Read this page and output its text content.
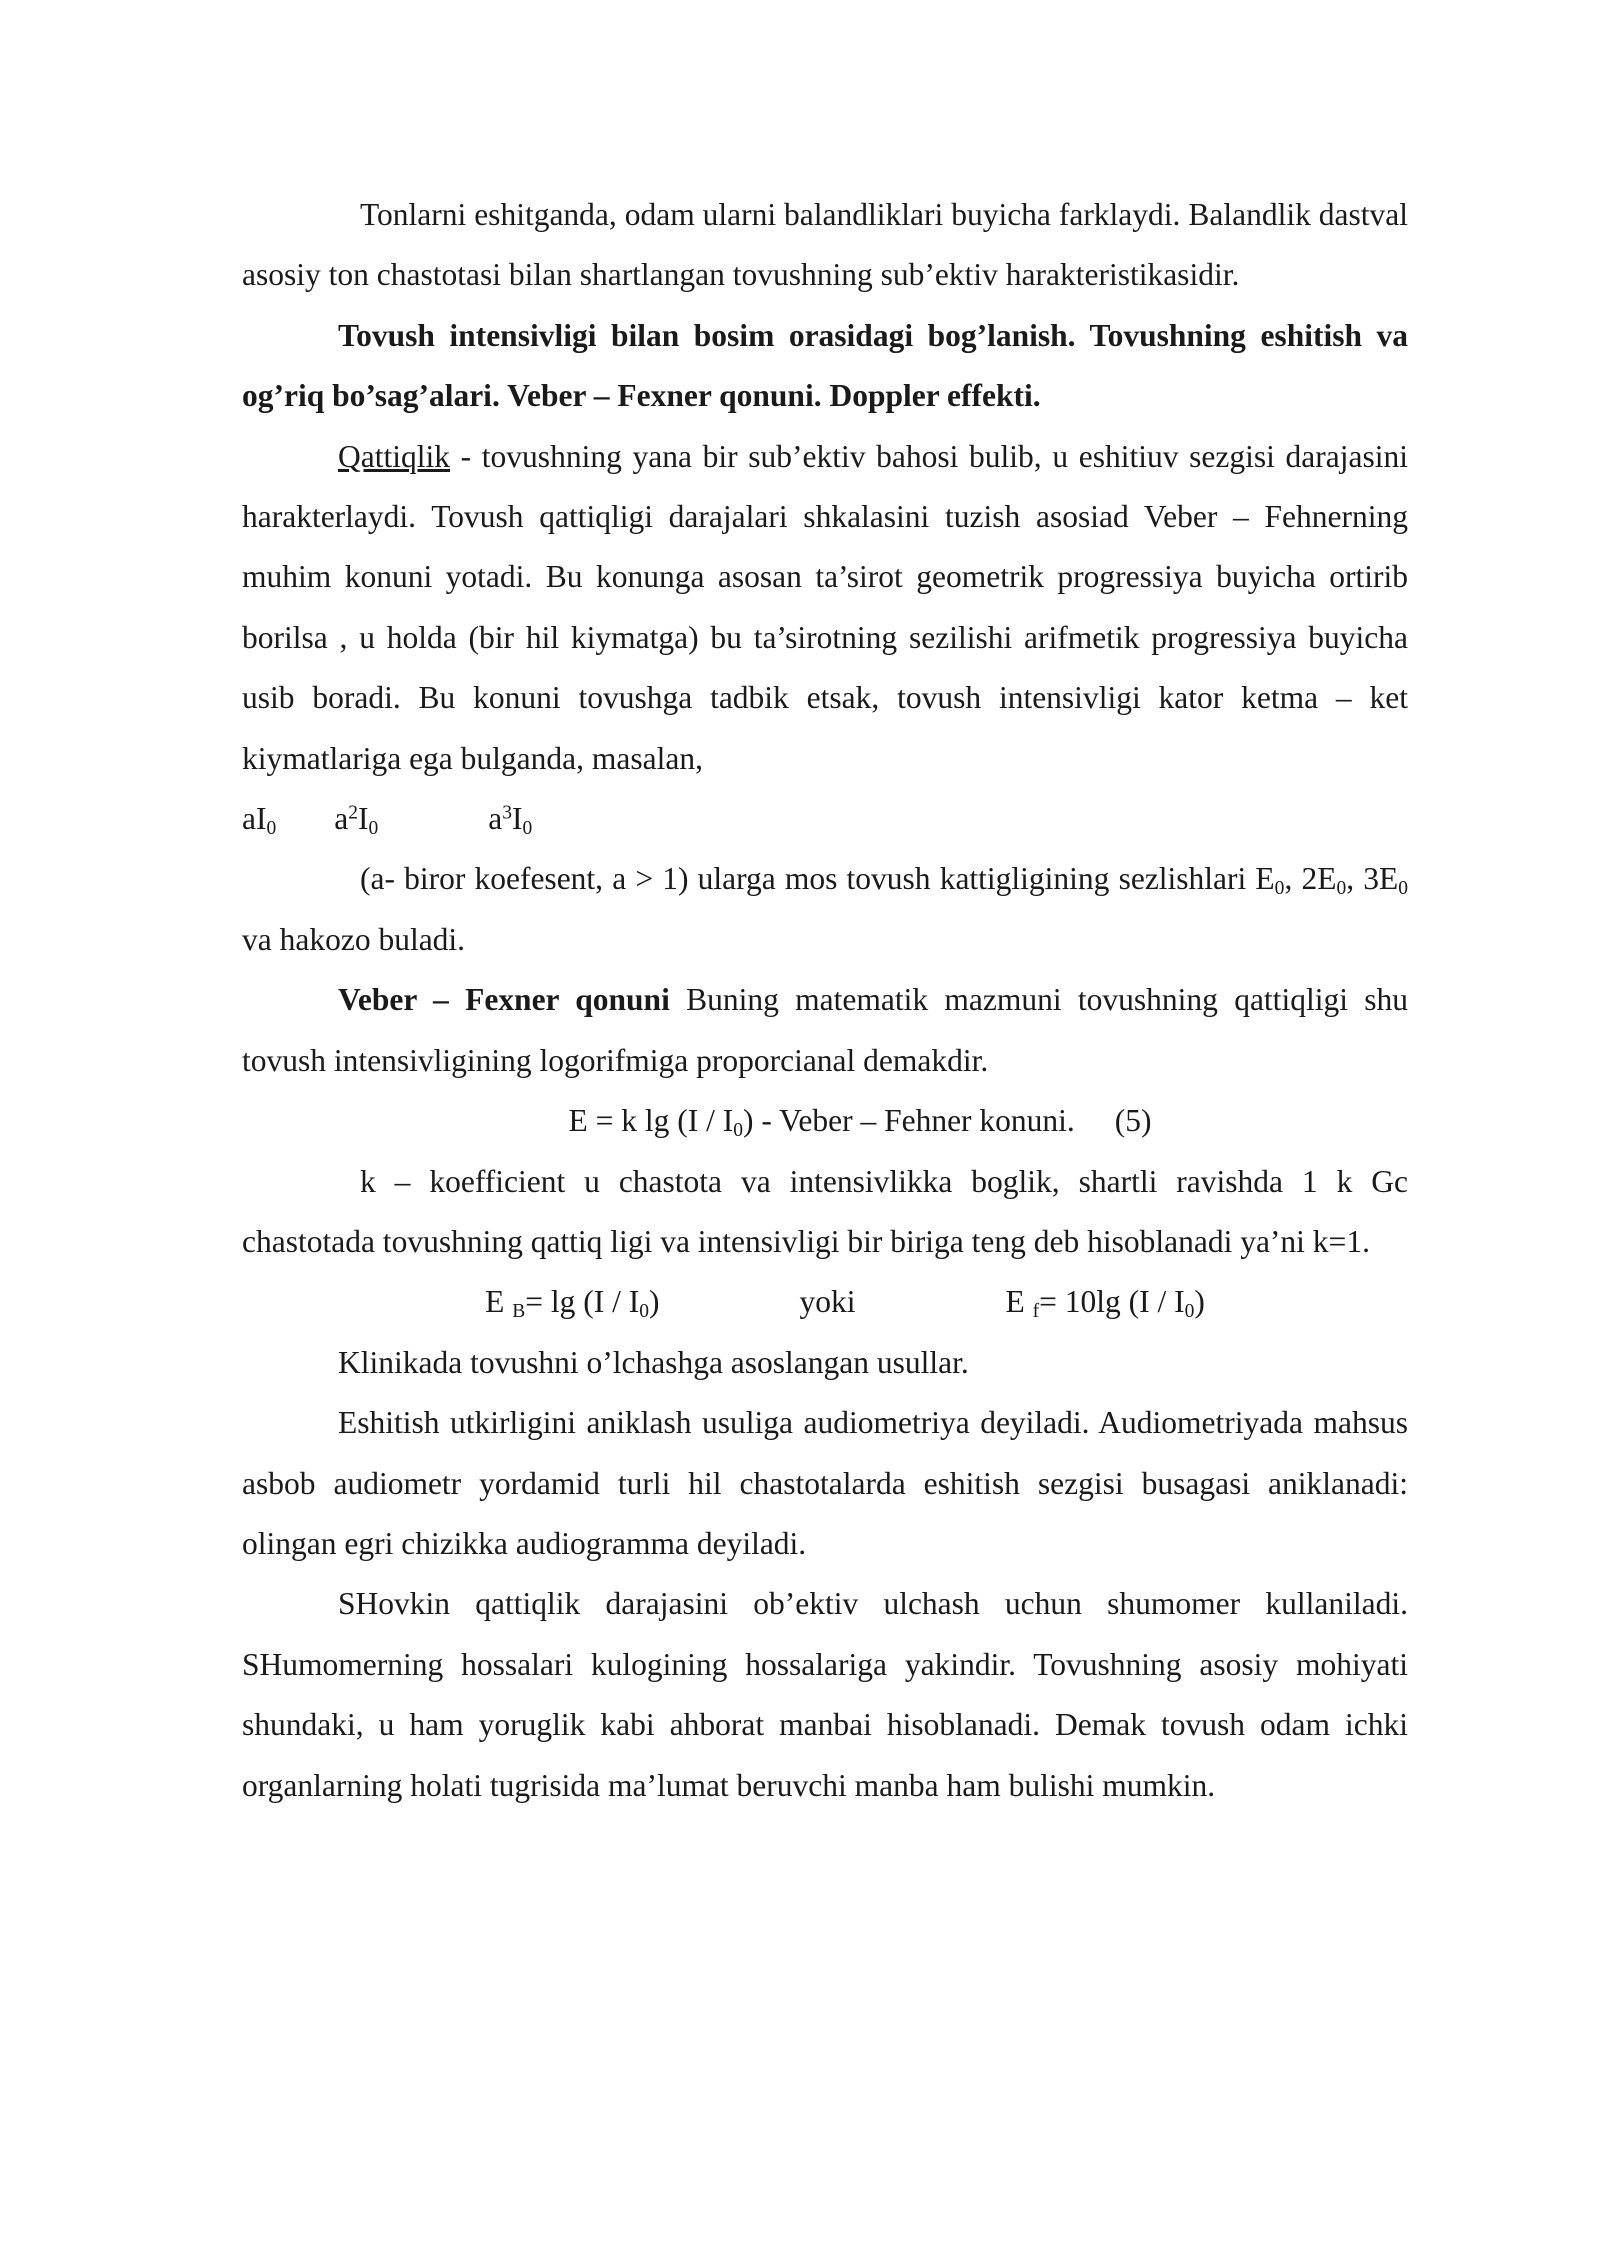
Tonlarni eshitganda, odam ularni balandliklari buyicha farklaydi. Balandlik dastval asosiy ton chastotasi bilan shartlangan tovushning sub’ektiv harakteristikasidir.

Tovush intensivligi bilan bosim orasidagi bog’lanish. Tovushning eshitish va og’riq bo’sag’alari. Veber – Fexner qonuni. Doppler effekti.

Qattiqlik - tovushning yana bir sub’ektiv bahosi bulib, u eshitiuv sezgisi darajasini harakterlaydi. Tovush qattiqligi darajalari shkalasini tuzish asosiad Veber – Fehnerning muhim konuni yotadi. Bu konunga asosan ta’sirot geometrik progressiya buyicha ortirib borilsa , u holda (bir hil kiymatga) bu ta’sirotning sezilishi arifmetik progressiya buyicha usib boradi. Bu konuni tovushga tadbik etsak, tovush intensivligi kator ketma – ket kiymatlariga ega bulganda, masalan,

$aI_0$ $a^2I_0$	$a^3I_0$

(a- biror koefesent, a > 1) ularga mos tovush kattigligining sezlishlari $E_0$, $2E_0$, $3E_0$ va hakozo buladi.

Veber – Fexner qonuni Buning matematik mazmuni tovushning qattiqligi shu tovush intensivligining logorifmiga proporcianal demakdir.

E = k $\lg (I / I_0)$ - Veber – Fehner konuni. (5)

k – koefficient u chastota va intensivlikka boglik, shartli ravishda 1 k Gc chastotada tovushning qattiq ligi va intensivligi bir biriga teng deb hisoblanadi ya’ni k=1.

E $_B= \lg (I / I_0)$	yoki	E $_f$= 10lg $(I / I_0)$

Klinikada tovushni o’lchashga asoslangan usullar.

Eshitish utkirligini aniklash usuliga audiometriya deyiladi. Audiometriyada mahsus asbob audiometr yordamid turli hil chastotalarda eshitish sezgisi busagasi aniklanadi: olingan egri chizikka audiogramma deyiladi.

SHovkin qattiqlik darajasini ob’ektiv ulchash uchun shumomer kullaniladi. SHumomerning hossalari kulogining hossalariga yakindir. Tovushning asosiy mohiyati shundaki, u ham yoruglik kabi ahborat manbai hisoblanadi. Demak tovush odam ichki organlarning holati tugrisida ma’lumat beruvchi manba ham bulishi mumkin.
